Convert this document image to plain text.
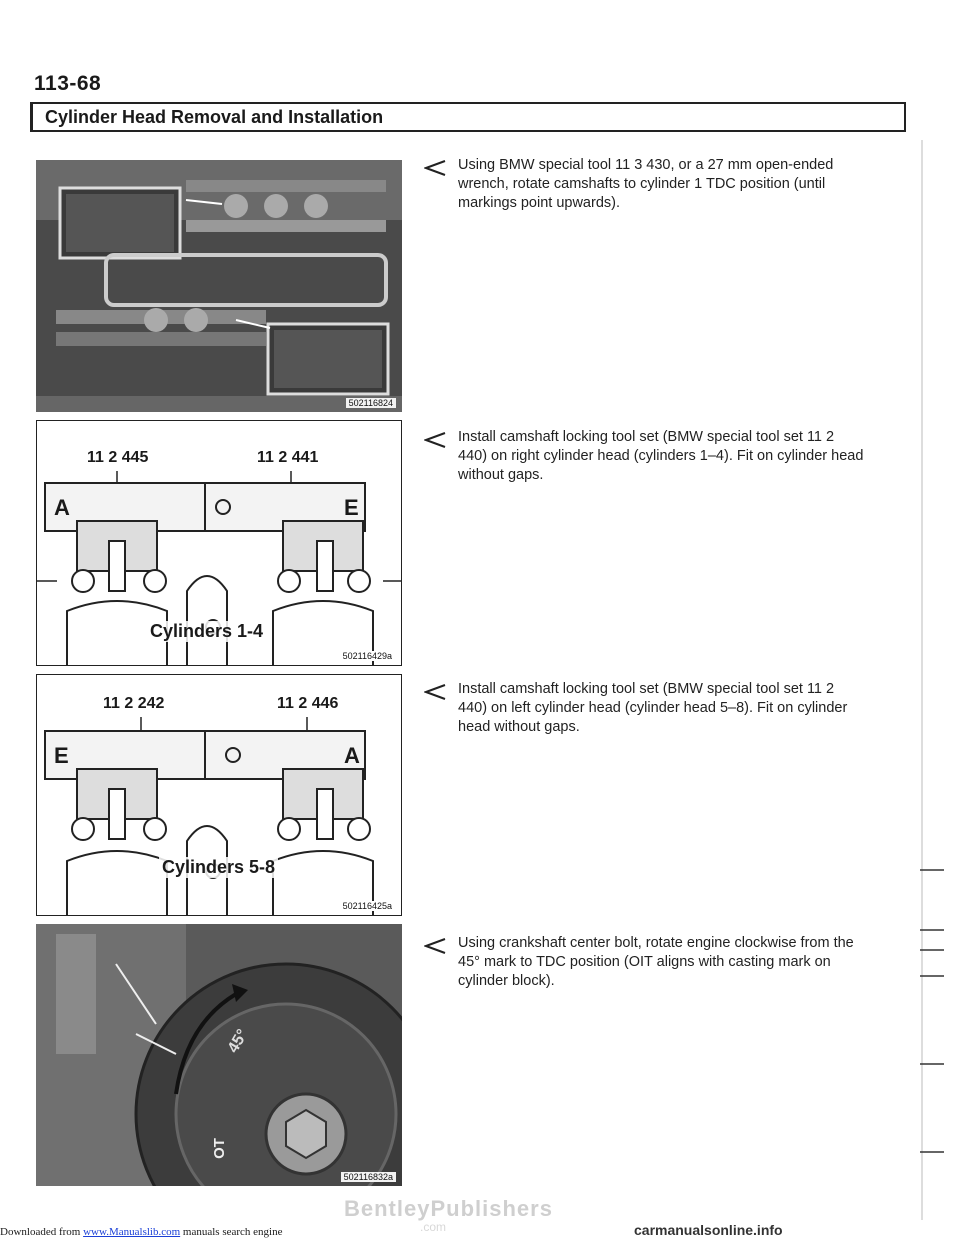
113-68
Cylinder Head Removal and Installation
502116824

Using BMW special tool 11 3 430, or a 27 mm open-ended wrench, rotate camshafts to cylinder 1 TDC position (until markings point upwards).

11 2 445	11 2 441
A	E
Cylinders 1-4
502116429a

Install camshaft locking tool set (BMW special tool set 11 2 440) on right cylinder head (cylinders 1–4). Fit on cylinder head without gaps.

11 2 242	11 2 446
E	A
Cylinders 5-8
502116425a

Install camshaft locking tool set (BMW special tool set 11 2 440) on left cylinder head (cylinder head 5–8). Fit on cylinder head without gaps.

45°
OT
502116832a

Using crankshaft center bolt, rotate engine clockwise from the 45° mark to TDC position (OIT aligns with casting mark on cylinder block).

BentleyPublishers
.com
Downloaded from www.Manualslib.com manuals search engine	carmanualsonline.info
